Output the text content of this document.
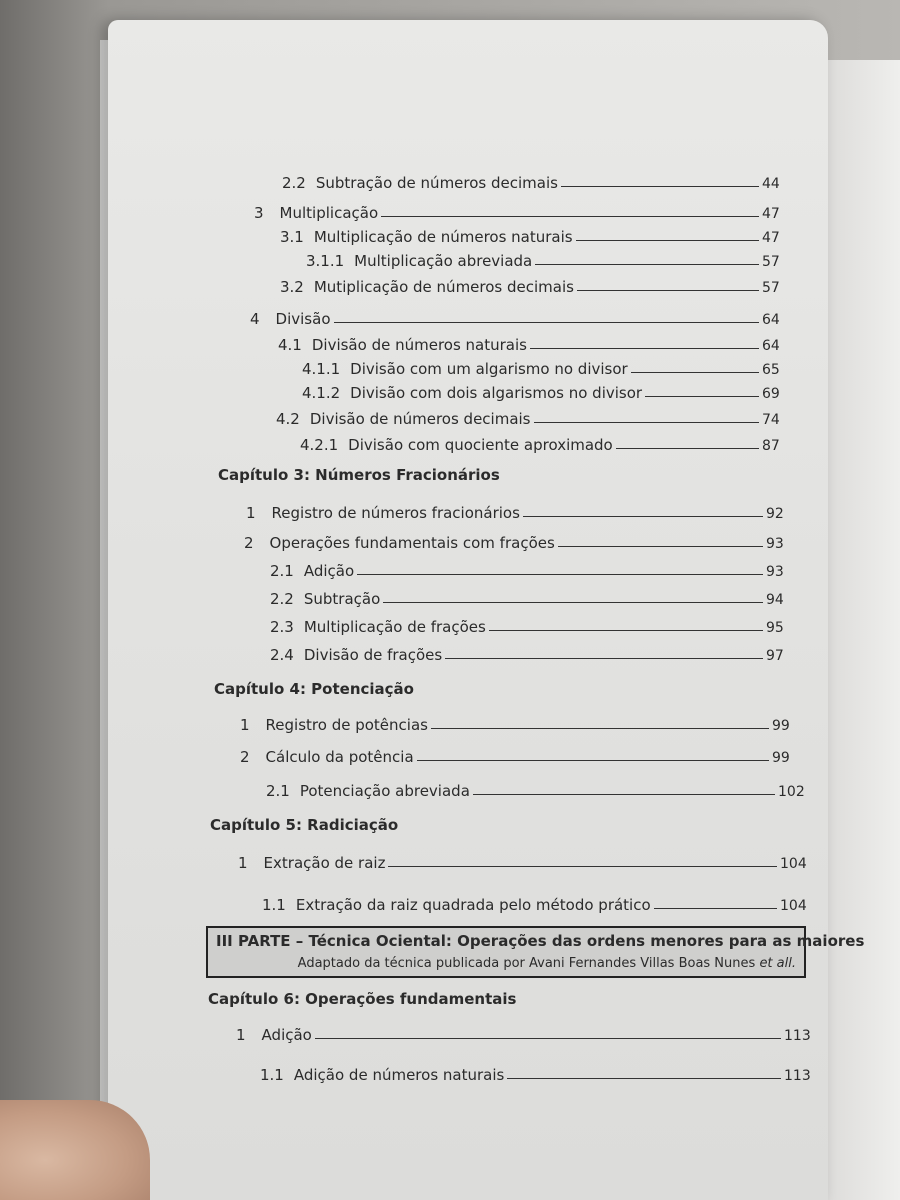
2.2 Subtração de números decimais	44
3 Multiplicação	47
3.1 Multiplicação de números naturais	47
3.1.1 Multiplicação abreviada	57
3.2 Mutiplicação de números decimais	57
4 Divisão	64
4.1 Divisão de números naturais	64
4.1.1 Divisão com um algarismo no divisor	65
4.1.2 Divisão com dois algarismos no divisor	69
4.2 Divisão de números decimais	74
4.2.1 Divisão com quociente aproximado	87
Capítulo 3: Números Fracionários
1 Registro de números fracionários	92
2 Operações fundamentais com frações	93
2.1 Adição	93
2.2 Subtração	94
2.3 Multiplicação de frações	95
2.4 Divisão de frações	97
Capítulo 4: Potenciação
1 Registro de potências	99
2 Cálculo da potência	99
2.1 Potenciação abreviada	102
Capítulo 5: Radiciação
1 Extração de raiz	104
1.1 Extração da raiz quadrada pelo método prático	104
III PARTE – Técnica Ociental: Operações das ordens menores para as maiores
Adaptado da técnica publicada por Avani Fernandes Villas Boas Nunes et all.
Capítulo 6: Operações fundamentais
1 Adição	113
1.1 Adição de números naturais	113
